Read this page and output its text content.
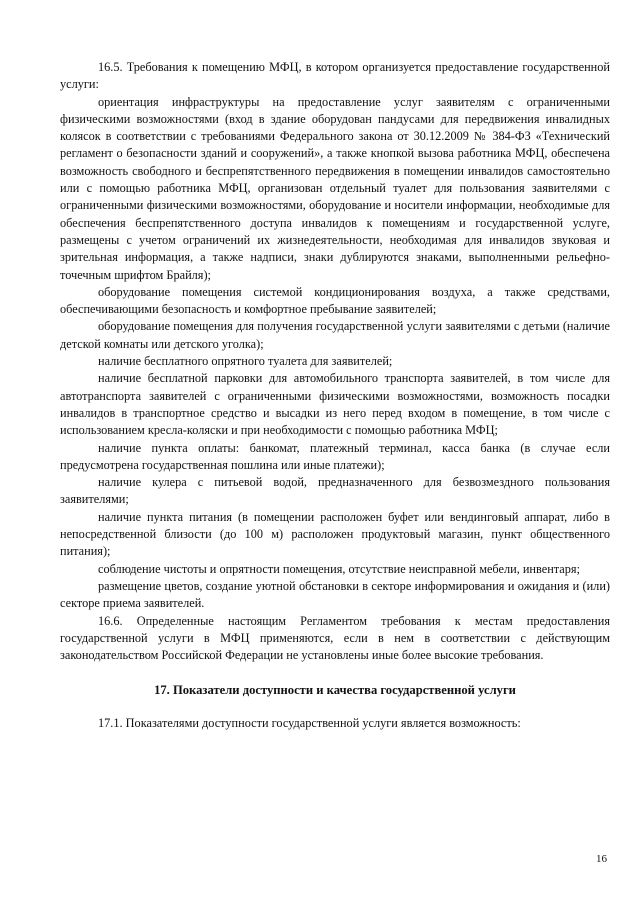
16.5. Требования к помещению МФЦ, в котором организуется предоставление государственной услуги:

ориентация инфраструктуры на предоставление услуг заявителям с ограниченными физическими возможностями (вход в здание оборудован пандусами для передвижения инвалидных колясок в соответствии с требованиями Федерального закона от 30.12.2009 № 384-ФЗ «Технический регламент о безопасности зданий и сооружений», а также кнопкой вызова работника МФЦ, обеспечена возможность свободного и беспрепятственного передвижения в помещении инвалидов самостоятельно или с помощью работника МФЦ, организован отдельный туалет для пользования заявителями с ограниченными физическими возможностями, оборудование и носители информации, необходимые для обеспечения беспрепятственного доступа инвалидов к помещениям и государственной услуге, размещены с учетом ограничений их жизнедеятельности, необходимая для инвалидов звуковая и зрительная информация, а также надписи, знаки дублируются знаками, выполненными рельефно-точечным шрифтом Брайля);

оборудование помещения системой кондиционирования воздуха, а также средствами, обеспечивающими безопасность и комфортное пребывание заявителей;

оборудование помещения для получения государственной услуги заявителями с детьми (наличие детской комнаты или детского уголка);

наличие бесплатного опрятного туалета для заявителей;

наличие бесплатной парковки для автомобильного транспорта заявителей, в том числе для автотранспорта заявителей с ограниченными физическими возможностями, возможность посадки инвалидов в транспортное средство и высадки из него перед входом в помещение, в том числе с использованием кресла-коляски и при необходимости с помощью работника МФЦ;

наличие пункта оплаты: банкомат, платежный терминал, касса банка (в случае если предусмотрена государственная пошлина или иные платежи);

наличие кулера с питьевой водой, предназначенного для безвозмездного пользования заявителями;

наличие пункта питания (в помещении расположен буфет или вендинговый аппарат, либо в непосредственной близости (до 100 м) расположен продуктовый магазин, пункт общественного питания);

соблюдение чистоты и опрятности помещения, отсутствие неисправной мебели, инвентаря;

размещение цветов, создание уютной обстановки в секторе информирования и ожидания и (или) секторе приема заявителей.

16.6. Определенные настоящим Регламентом требования к местам предоставления государственной услуги в МФЦ применяются, если в нем в соответствии с действующим законодательством Российской Федерации не установлены иные более высокие требования.

17. Показатели доступности и качества государственной услуги

17.1. Показателями доступности государственной услуги является возможность:

16
